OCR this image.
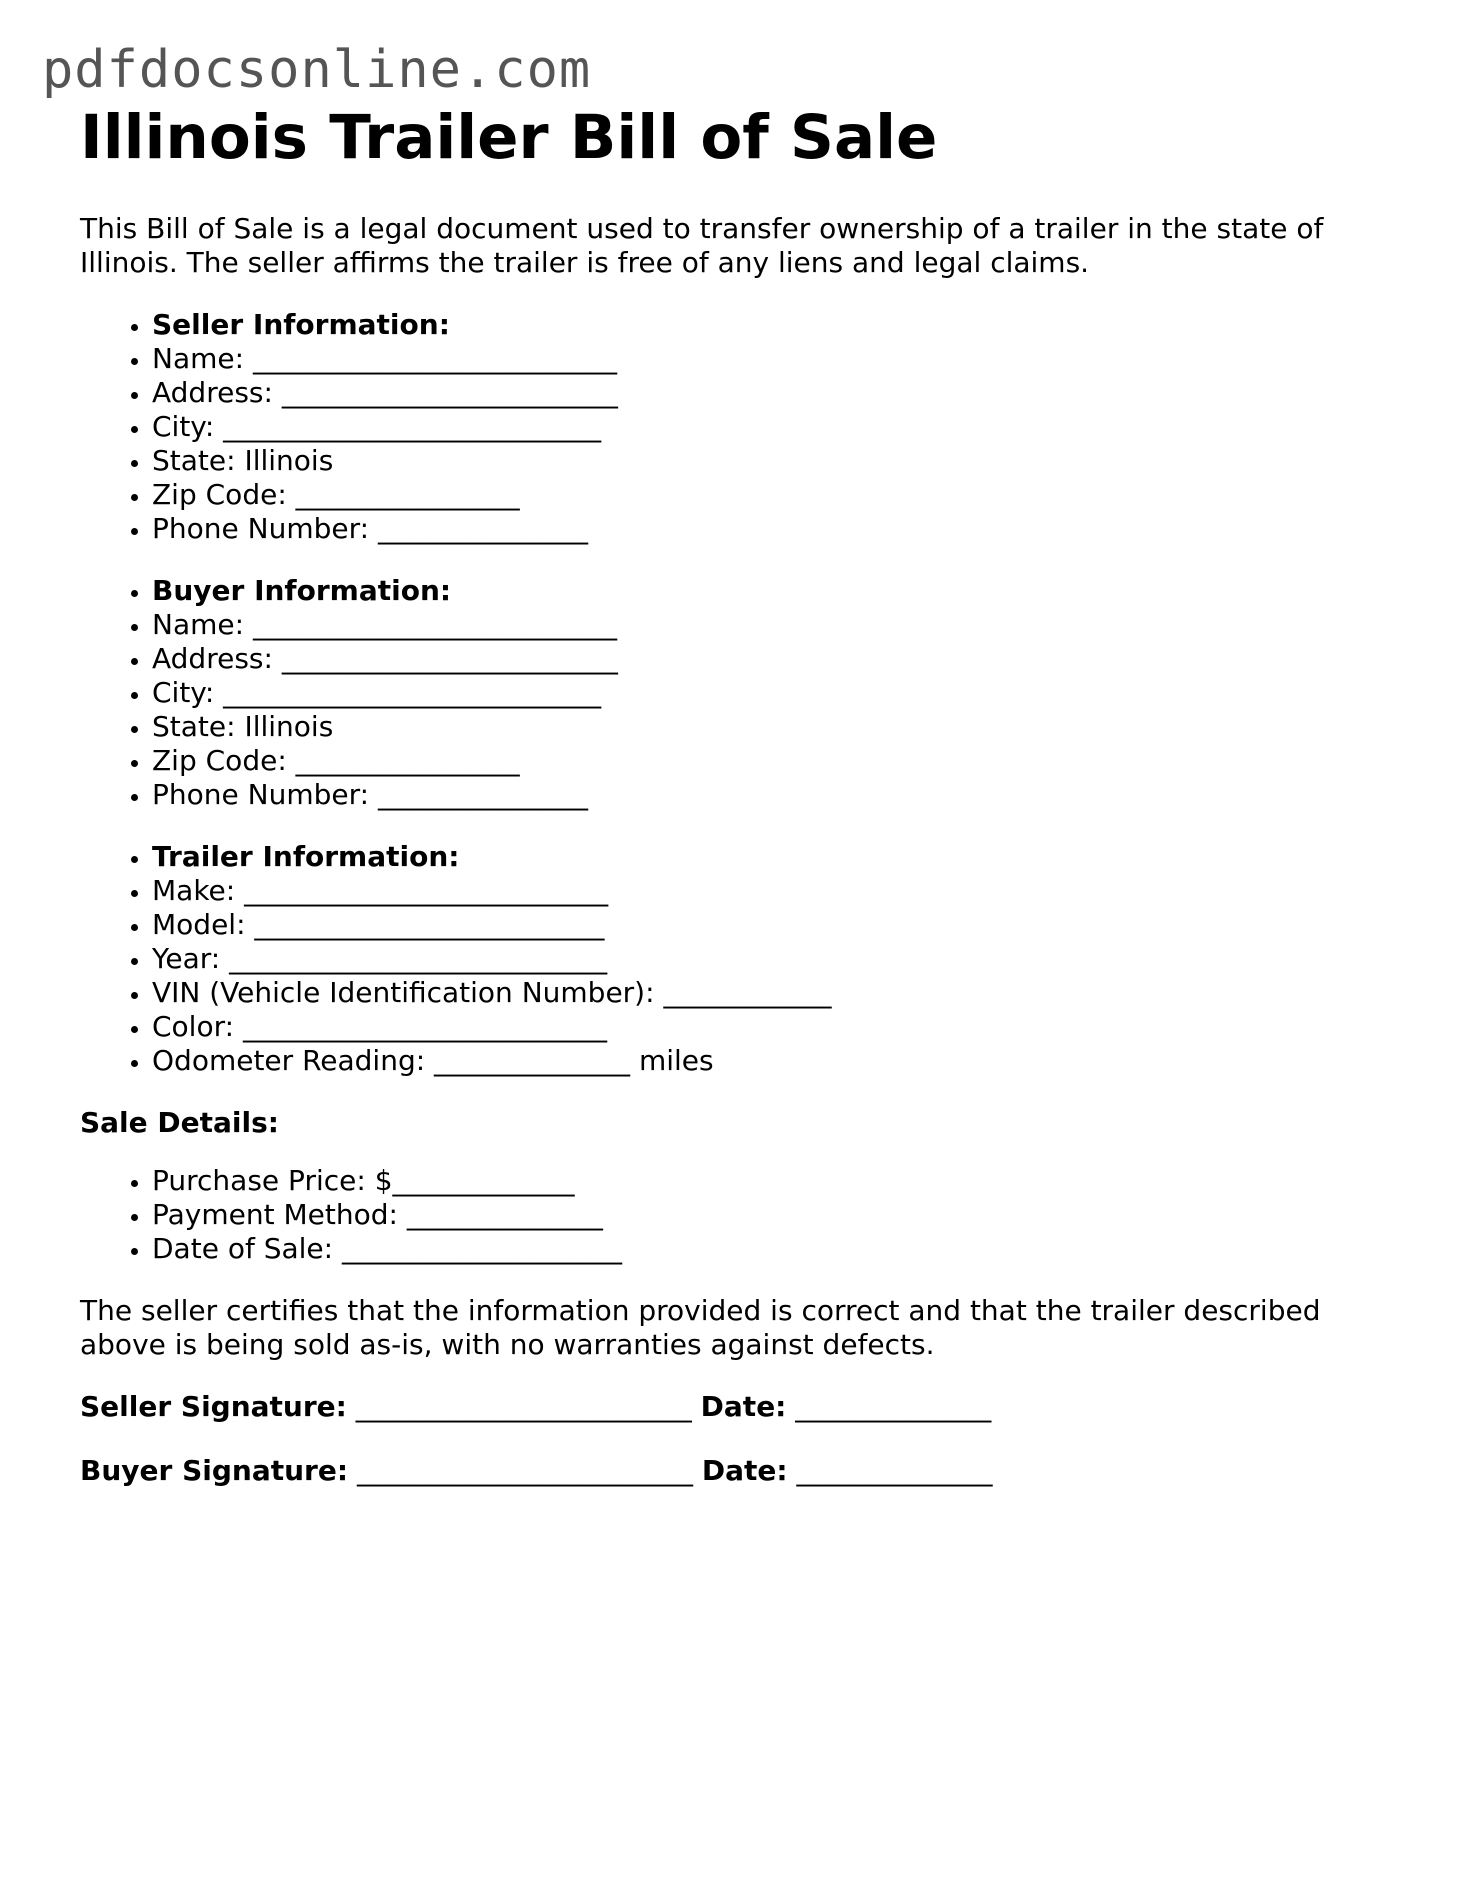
pdfdocsonline.com
Illinois Trailer Bill of Sale

This Bill of Sale is a legal document used to transfer ownership of a trailer in the state of Illinois. The seller affirms the trailer is free of any liens and legal claims.

• Seller Information:
• Name: __________________________
• Address: ________________________
• City: ___________________________
• State: Illinois
• Zip Code: ________________
• Phone Number: _______________
• Buyer Information:
• Name: __________________________
• Address: ________________________
• City: ___________________________
• State: Illinois
• Zip Code: ________________
• Phone Number: _______________
• Trailer Information:
• Make: __________________________
• Model: _________________________
• Year: ___________________________
• VIN (Vehicle Identification Number): ____________
• Color: __________________________
• Odometer Reading: ______________ miles

Sale Details:

• Purchase Price: $_____________
• Payment Method: ______________
• Date of Sale: ____________________

The seller certifies that the information provided is correct and that the trailer described above is being sold as-is, with no warranties against defects.

Seller Signature: ________________________ Date: ______________

Buyer Signature: ________________________ Date: ______________
